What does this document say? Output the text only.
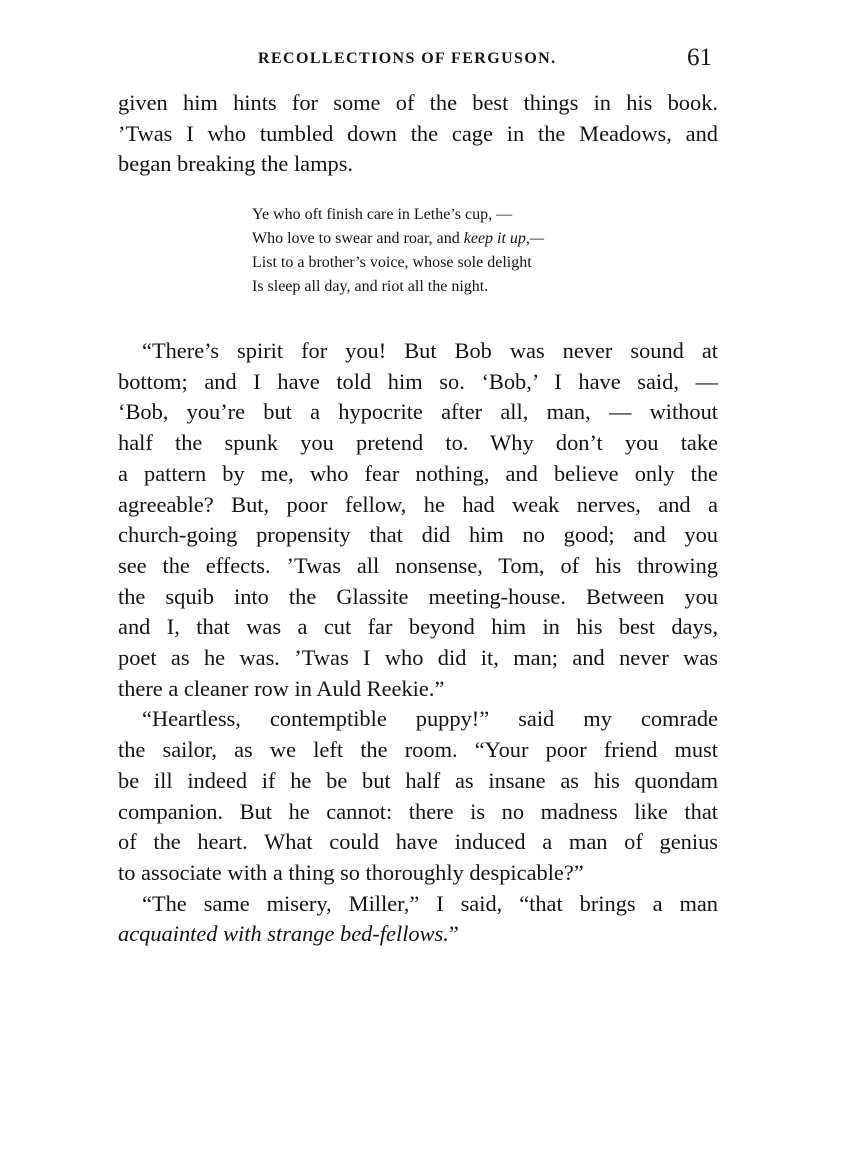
RECOLLECTIONS OF FERGUSON.	61
given him hints for some of the best things in his book.
’Twas I who tumbled down the cage in the Meadows, and
began breaking the lamps.
Ye who oft finish care in Lethe’s cup, —
Who love to swear and roar, and keep it up,—
List to a brother’s voice, whose sole delight
Is sleep all day, and riot all the night.
“There’s spirit for you! But Bob was never sound at
bottom; and I have told him so. ‘Bob,’ I have said, —
‘Bob, you’re but a hypocrite after all, man, — without
half the spunk you pretend to. Why don’t you take
a pattern by me, who fear nothing, and believe only the
agreeable? But, poor fellow, he had weak nerves, and a
church-going propensity that did him no good; and you
see the effects. ’Twas all nonsense, Tom, of his throwing
the squib into the Glassite meeting-house. Between you
and I, that was a cut far beyond him in his best days,
poet as he was. ’Twas I who did it, man; and never was
there a cleaner row in Auld Reekie.”
“Heartless, contemptible puppy!” said my comrade
the sailor, as we left the room. “Your poor friend must
be ill indeed if he be but half as insane as his quondam
companion. But he cannot: there is no madness like that
of the heart. What could have induced a man of genius
to associate with a thing so thoroughly despicable?”
“The same misery, Miller,” I said, “that brings a man
acquainted with strange bed-fellows.”
